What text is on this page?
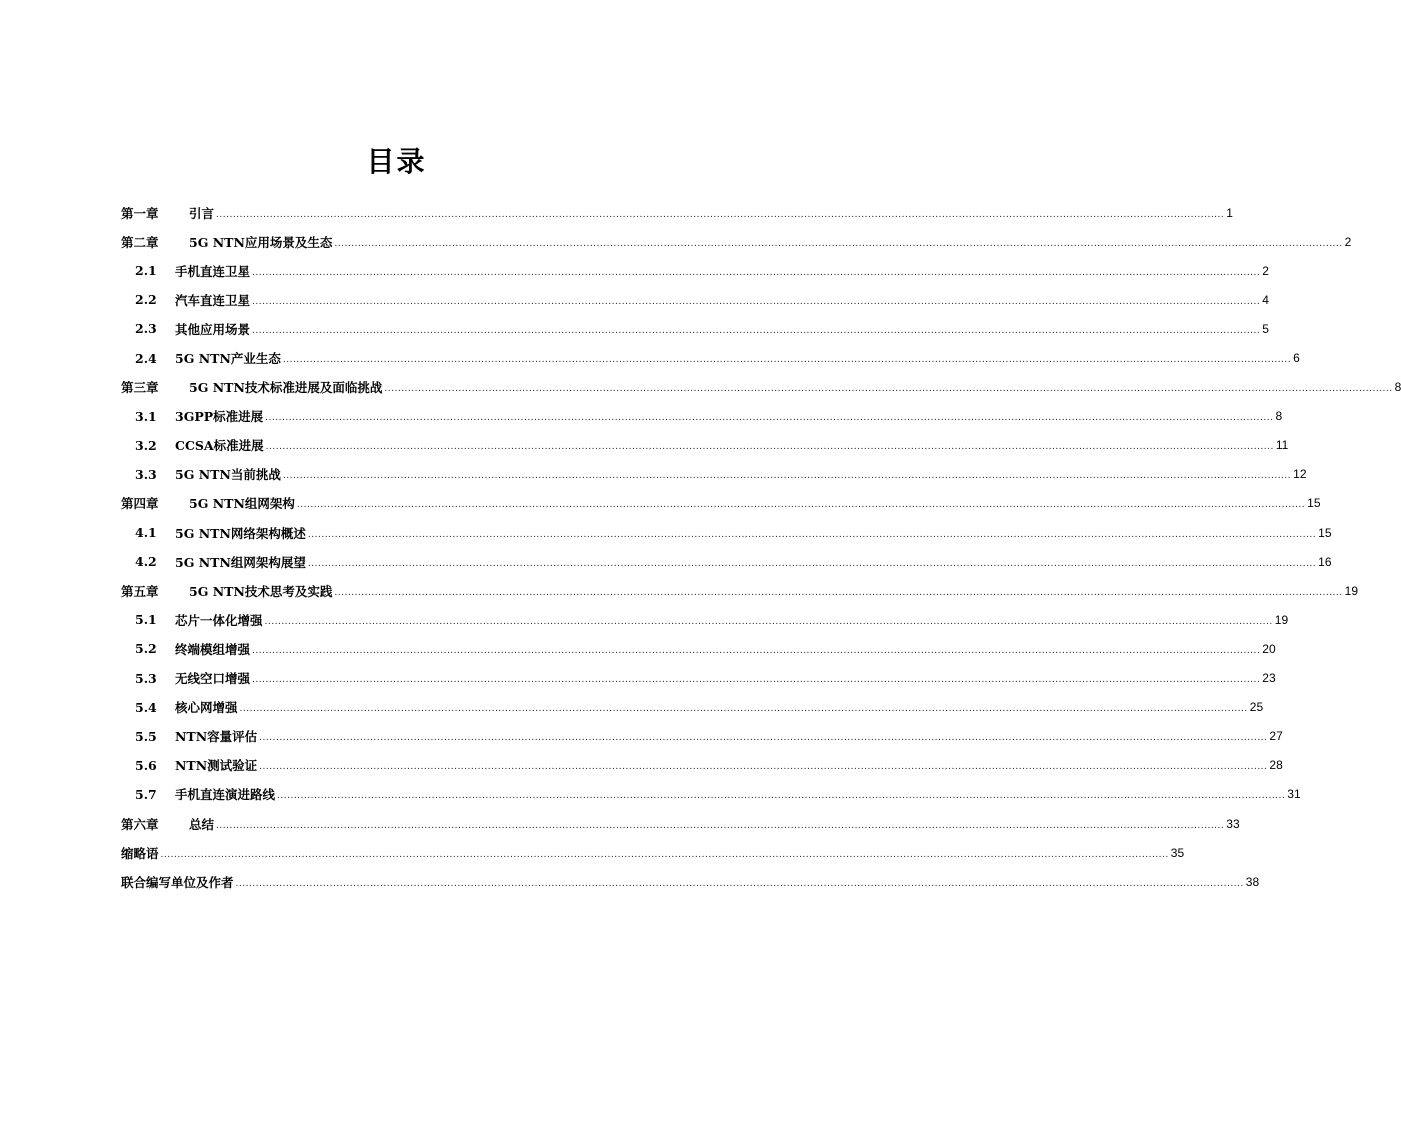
目录
第一章	引言 ............................................................................................................................................................................................................................................................................................................ 1
第二章	5G NTN应用场景及生态 ............................................................................................................................................................................................................................................................................................................ 2
2.1	手机直连卫星 ............................................................................................................................................................................................................................................................................................................ 2
2.2	汽车直连卫星 ............................................................................................................................................................................................................................................................................................................ 4
2.3	其他应用场景 ............................................................................................................................................................................................................................................................................................................ 5
2.4	5G NTN产业生态 ............................................................................................................................................................................................................................................................................................................ 6
第三章	5G NTN技术标准进展及面临挑战 ............................................................................................................................................................................................................................................................................................................ 8
3.1	3GPP标准进展 ............................................................................................................................................................................................................................................................................................................ 8
3.2	CCSA标准进展 ............................................................................................................................................................................................................................................................................................................ 11
3.3	5G NTN当前挑战 ............................................................................................................................................................................................................................................................................................................ 12
第四章	5G NTN组网架构 ............................................................................................................................................................................................................................................................................................................ 15
4.1	5G NTN网络架构概述 ............................................................................................................................................................................................................................................................................................................ 15
4.2	5G NTN组网架构展望 ............................................................................................................................................................................................................................................................................................................ 16
第五章	5G NTN技术思考及实践 ............................................................................................................................................................................................................................................................................................................ 19
5.1	芯片一体化增强 ............................................................................................................................................................................................................................................................................................................ 19
5.2	终端模组增强 ............................................................................................................................................................................................................................................................................................................ 20
5.3	无线空口增强 ............................................................................................................................................................................................................................................................................................................ 23
5.4	核心网增强 ............................................................................................................................................................................................................................................................................................................ 25
5.5	NTN容量评估 ............................................................................................................................................................................................................................................................................................................ 27
5.6	NTN测试验证 ............................................................................................................................................................................................................................................................................................................ 28
5.7	手机直连演进路线 ............................................................................................................................................................................................................................................................................................................ 31
第六章	总结 ............................................................................................................................................................................................................................................................................................................ 33
缩略语 ............................................................................................................................................................................................................................................................................................................ 35
联合编写单位及作者 ............................................................................................................................................................................................................................................................................................................ 38
